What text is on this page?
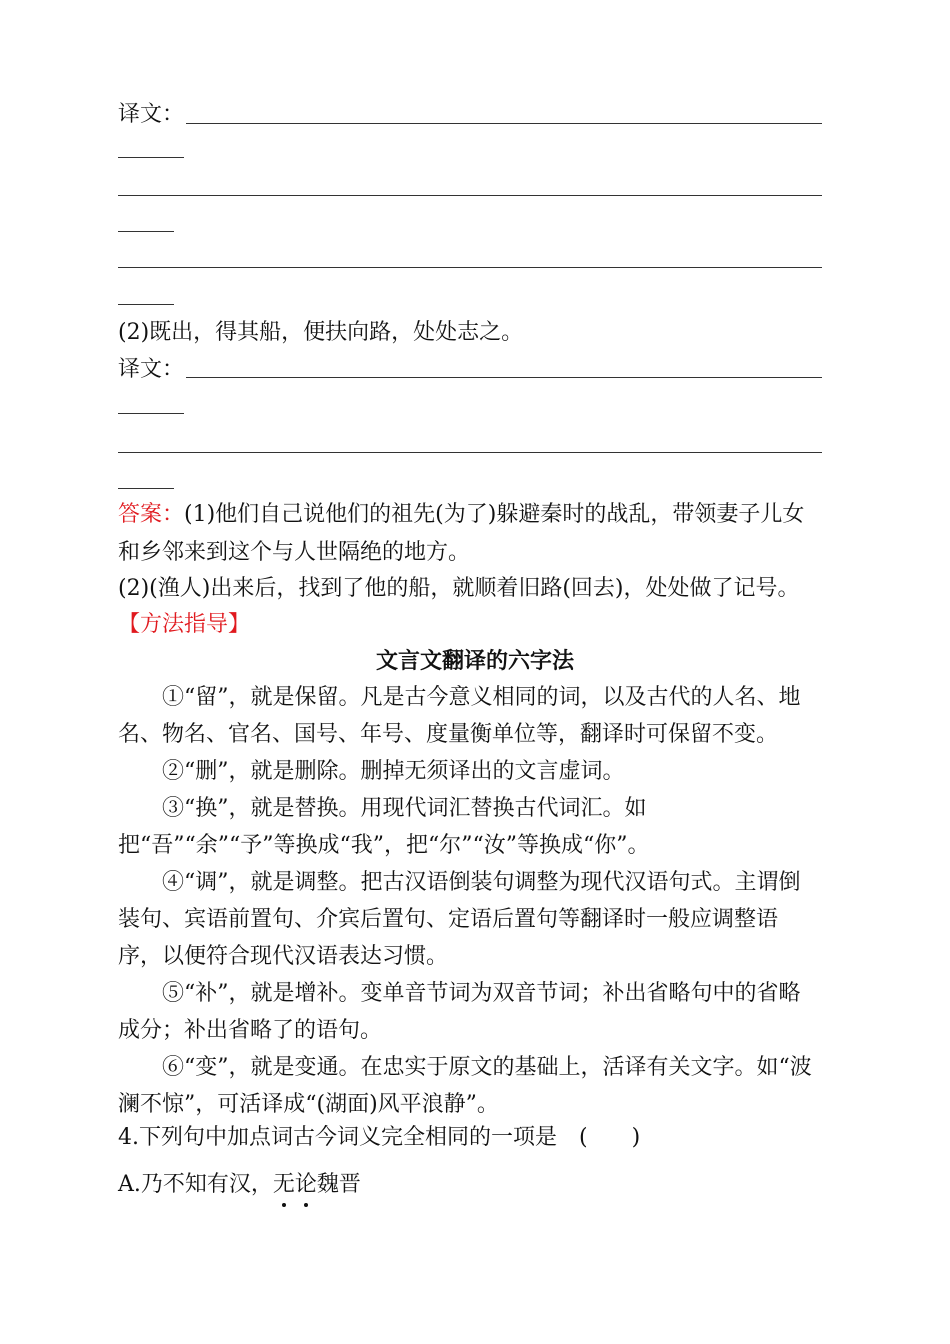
译文：
(2)既出，得其船，便扶向路，处处志之。
译文：
答案：(1)他们自己说他们的祖先(为了)躲避秦时的战乱，带领妻子儿女
和乡邻来到这个与人世隔绝的地方。
(2)(渔人)出来后，找到了他的船，就顺着旧路(回去)，处处做了记号。
【方法指导】
文言文翻译的六字法
①“留”，就是保留。凡是古今意义相同的词，以及古代的人名、地名、物名、官名、国号、年号、度量衡单位等，翻译时可保留不变。
②“删”，就是删除。删掉无须译出的文言虚词。
③“换”，就是替换。用现代词汇替换古代词汇。如把“吾”“余”“予”等换成“我”，把“尔”“汝”等换成“你”。
④“调”，就是调整。把古汉语倒装句调整为现代汉语句式。主谓倒装句、宾语前置句、介宾后置句、定语后置句等翻译时一般应调整语序，以便符合现代汉语表达习惯。
⑤“补”，就是增补。变单音节词为双音节词；补出省略句中的省略成分；补出省略了的语句。
⑥“变”，就是变通。在忠实于原文的基础上，活译有关文字。如“波澜不惊”，可活译成“(湖面)风平浪静”。
4.下列句中加点词古今词义完全相同的一项是　(　　)
A.乃不知有汉，无论魏晋
